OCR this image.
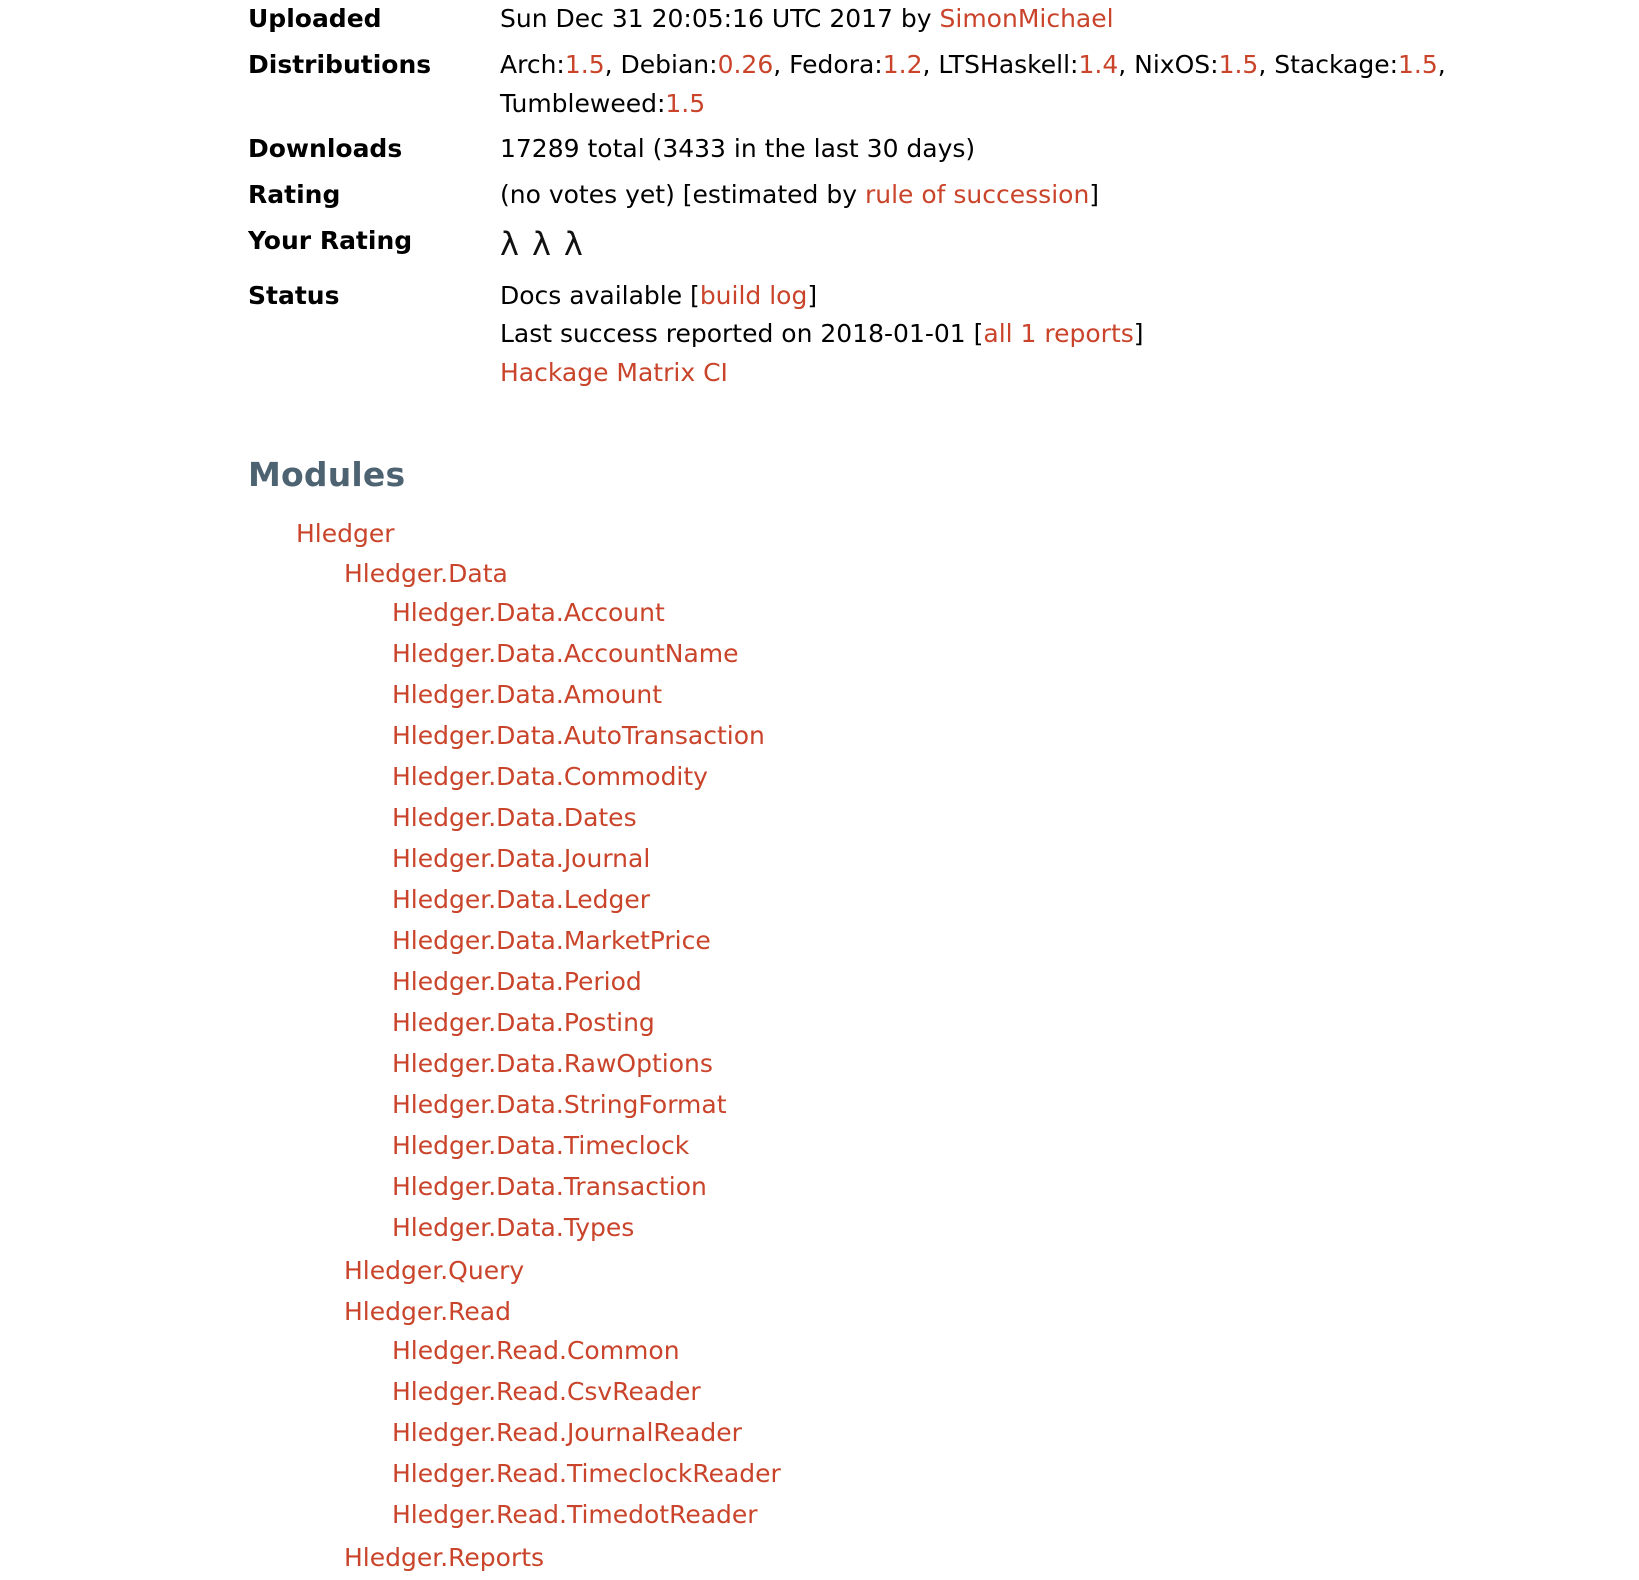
Uploaded	Sun Dec 31 20:05:16 UTC 2017 by SimonMichael
Distributions	Arch:1.5, Debian:0.26, Fedora:1.2, LTSHaskell:1.4, NixOS:1.5, Stackage:1.5, Tumbleweed:1.5

Downloads	17289 total (3433 in the last 30 days)
Rating	(no votes yet) [estimated by rule of succession]
Your Rating	λλλ
Status	Docs available [build log]
Last success reported on 2018-01-01 [all 1 reports]
Hackage Matrix CI
Modules
Hledger
Hledger.Data
Hledger.Data.Account
Hledger.Data.AccountName
Hledger.Data.Amount
Hledger.Data.AutoTransaction
Hledger.Data.Commodity
Hledger.Data.Dates
Hledger.Data.Journal
Hledger.Data.Ledger
Hledger.Data.MarketPrice
Hledger.Data.Period
Hledger.Data.Posting
Hledger.Data.RawOptions
Hledger.Data.StringFormat
Hledger.Data.Timeclock
Hledger.Data.Transaction
Hledger.Data.Types
Hledger.Query
Hledger.Read
Hledger.Read.Common
Hledger.Read.CsvReader
Hledger.Read.JournalReader
Hledger.Read.TimeclockReader
Hledger.Read.TimedotReader
Hledger.Reports
